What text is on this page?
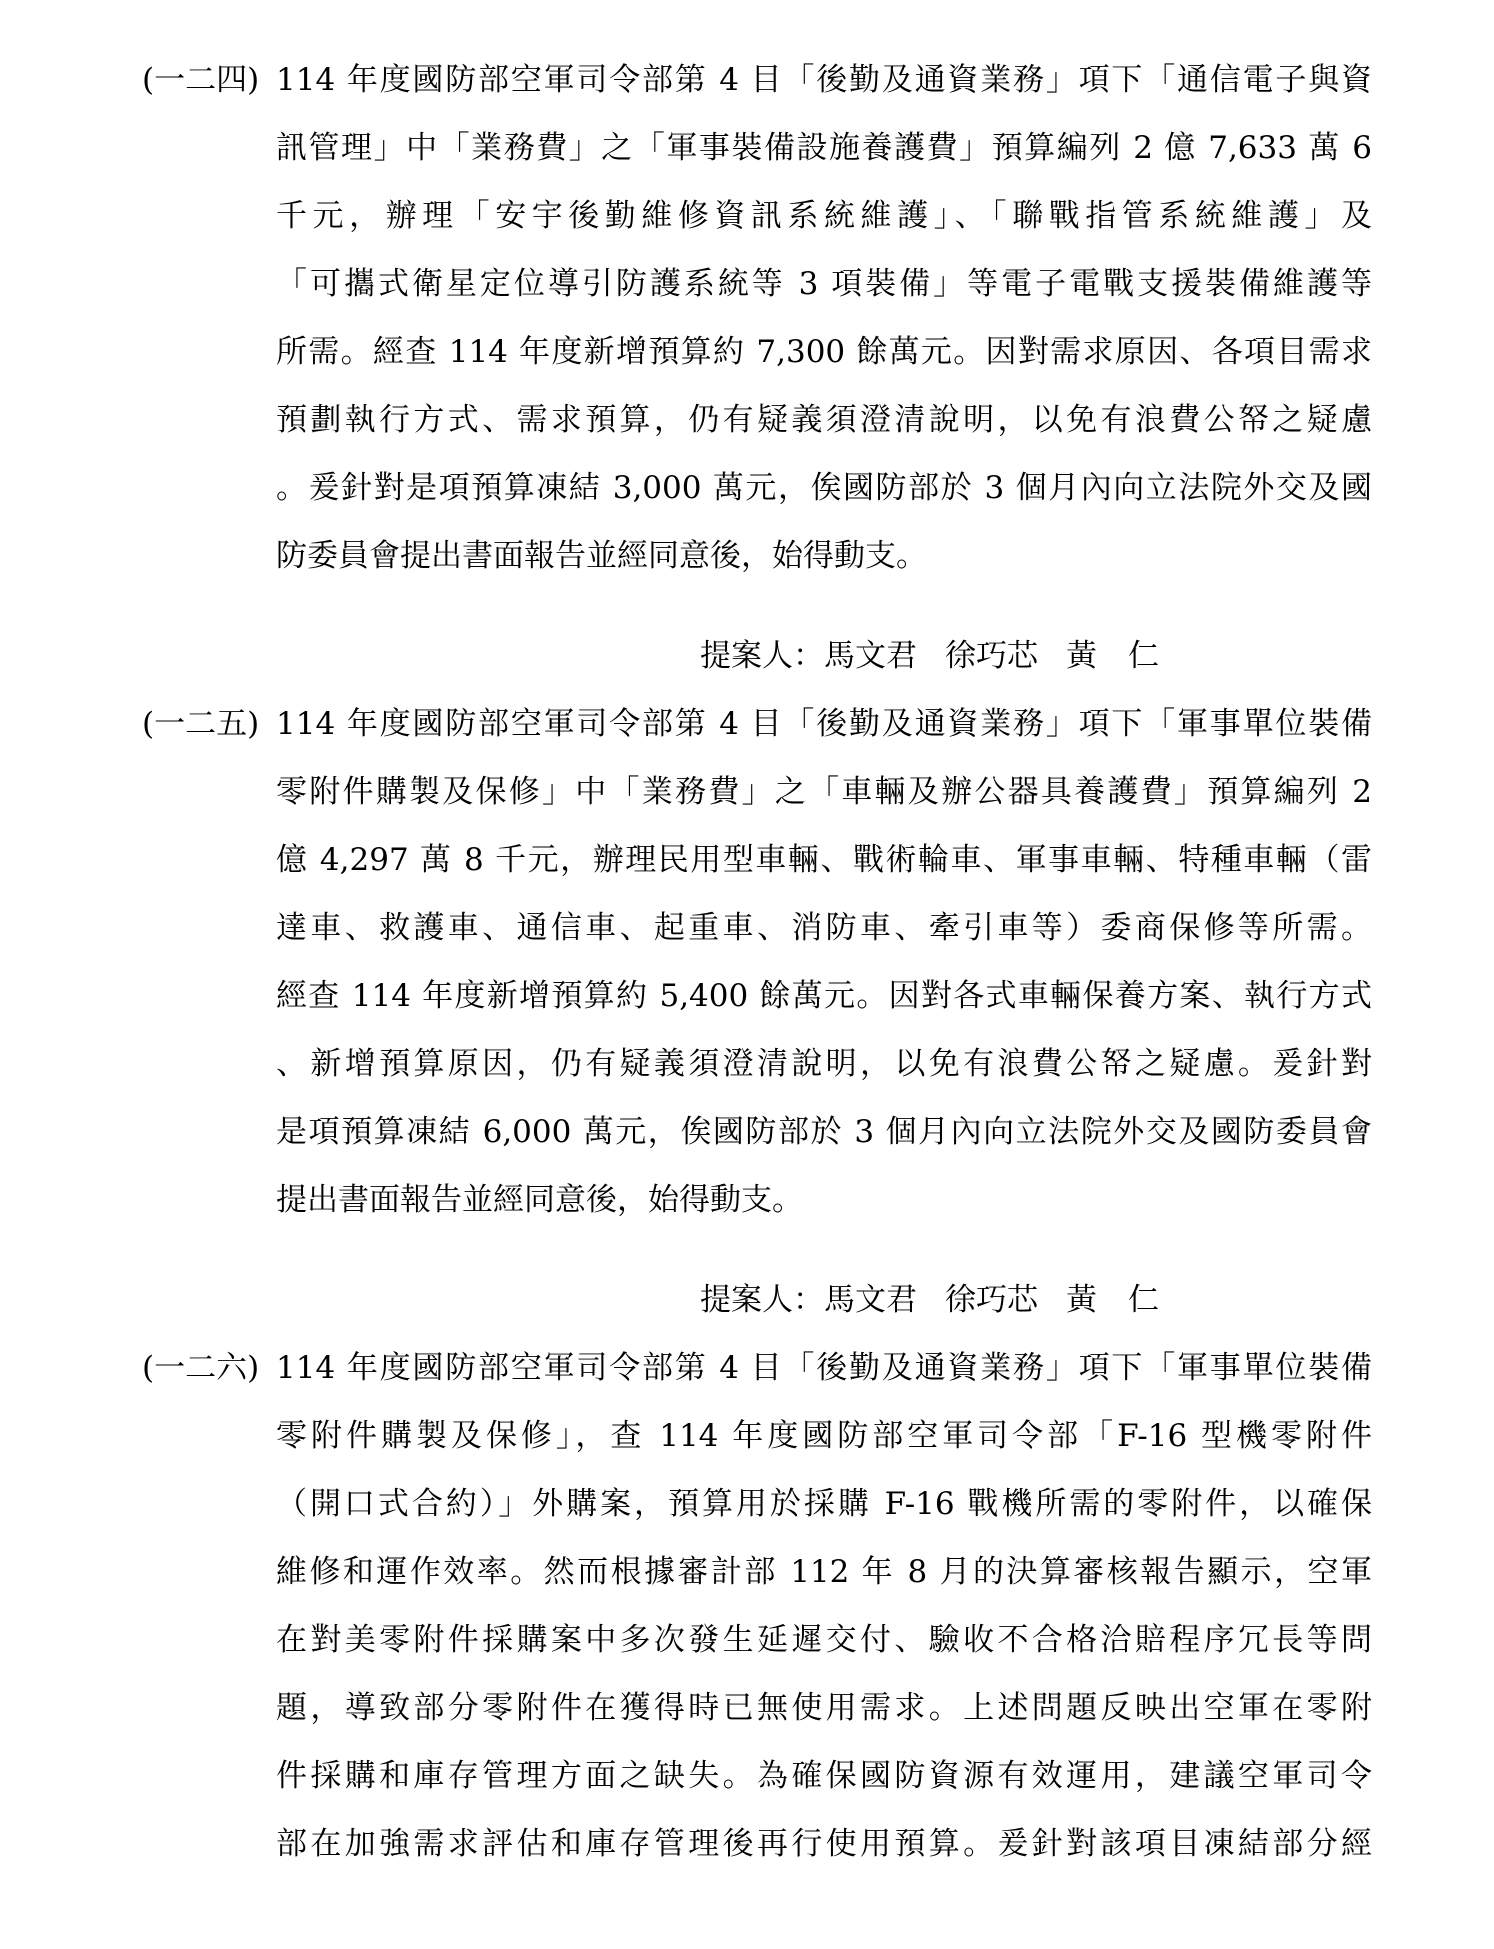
(一二四) 114 年度國防部空軍司令部第 4 目「後勤及通資業務」項下「通信電子與資
訊管理」中「業務費」之「軍事裝備設施養護費」預算編列 2 億 7,633 萬 6
千元，辦理「安宇後勤維修資訊系統維護」、「聯戰指管系統維護」及
「可攜式衛星定位導引防護系統等 3 項裝備」等電子電戰支援裝備維護等
所需。經查 114 年度新增預算約 7,300 餘萬元。因對需求原因、各項目需求
預劃執行方式、需求預算，仍有疑義須澄清說明，以免有浪費公帑之疑慮
。爰針對是項預算凍結 3,000 萬元，俟國防部於 3 個月內向立法院外交及國
防委員會提出書面報告並經同意後，始得動支。
提案人：馬文君 徐巧芯 黃　仁
(一二五) 114 年度國防部空軍司令部第 4 目「後勤及通資業務」項下「軍事單位裝備
零附件購製及保修」中「業務費」之「車輛及辦公器具養護費」預算編列 2
億 4,297 萬 8 千元，辦理民用型車輛、戰術輪車、軍事車輛、特種車輛（雷
達車、救護車、通信車、起重車、消防車、牽引車等）委商保修等所需。
經查 114 年度新增預算約 5,400 餘萬元。因對各式車輛保養方案、執行方式
、新增預算原因，仍有疑義須澄清說明，以免有浪費公帑之疑慮。爰針對
是項預算凍結 6,000 萬元，俟國防部於 3 個月內向立法院外交及國防委員會
提出書面報告並經同意後，始得動支。
提案人：馬文君 徐巧芯 黃　仁
(一二六) 114 年度國防部空軍司令部第 4 目「後勤及通資業務」項下「軍事單位裝備
零附件購製及保修」，查 114 年度國防部空軍司令部「F-16 型機零附件
（開口式合約）」外購案，預算用於採購 F-16 戰機所需的零附件，以確保
維修和運作效率。然而根據審計部 112 年 8 月的決算審核報告顯示，空軍
在對美零附件採購案中多次發生延遲交付、驗收不合格洽賠程序冗長等問
題，導致部分零附件在獲得時已無使用需求。上述問題反映出空軍在零附
件採購和庫存管理方面之缺失。為確保國防資源有效運用，建議空軍司令
部在加強需求評估和庫存管理後再行使用預算。爰針對該項目凍結部分經
